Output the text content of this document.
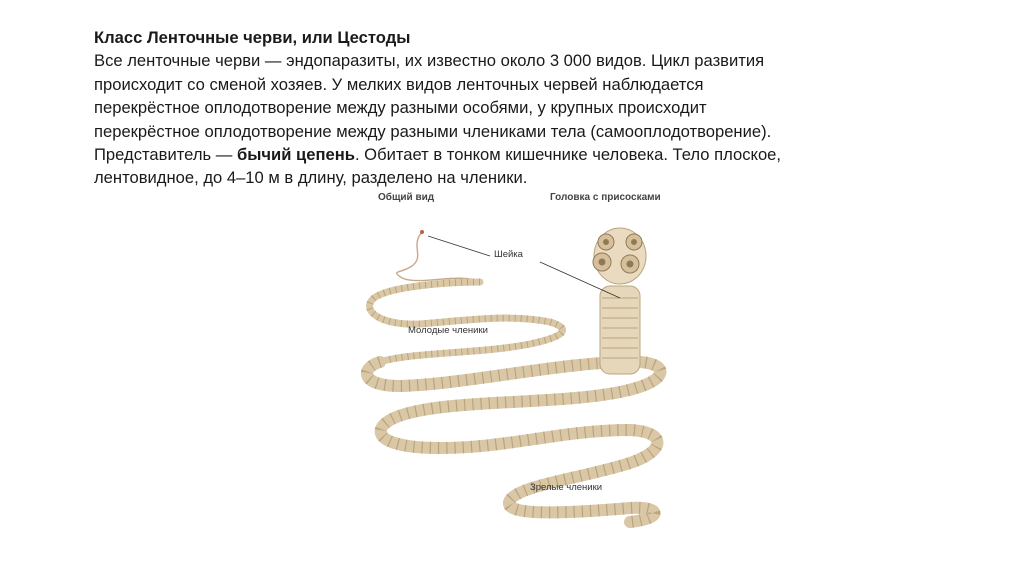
Класс Ленточные черви, или Цестоды
Все ленточные черви — эндопаразиты, их известно около 3 000 видов. Цикл развития
происходит со сменой хозяев. У мелких видов ленточных червей наблюдается
перекрёстное оплодотворение между разными особями, у крупных происходит
перекрёстное оплодотворение между разными члениками тела (самооплодотворение).
Представитель — бычий цепень. Обитает в тонком кишечнике человека. Тело плоское,
лентовидное, до 4–10 м в длину, разделено на членики.
Общий вид	Головка с присосками
Шейка
Молодые членики
Зрелые членики
